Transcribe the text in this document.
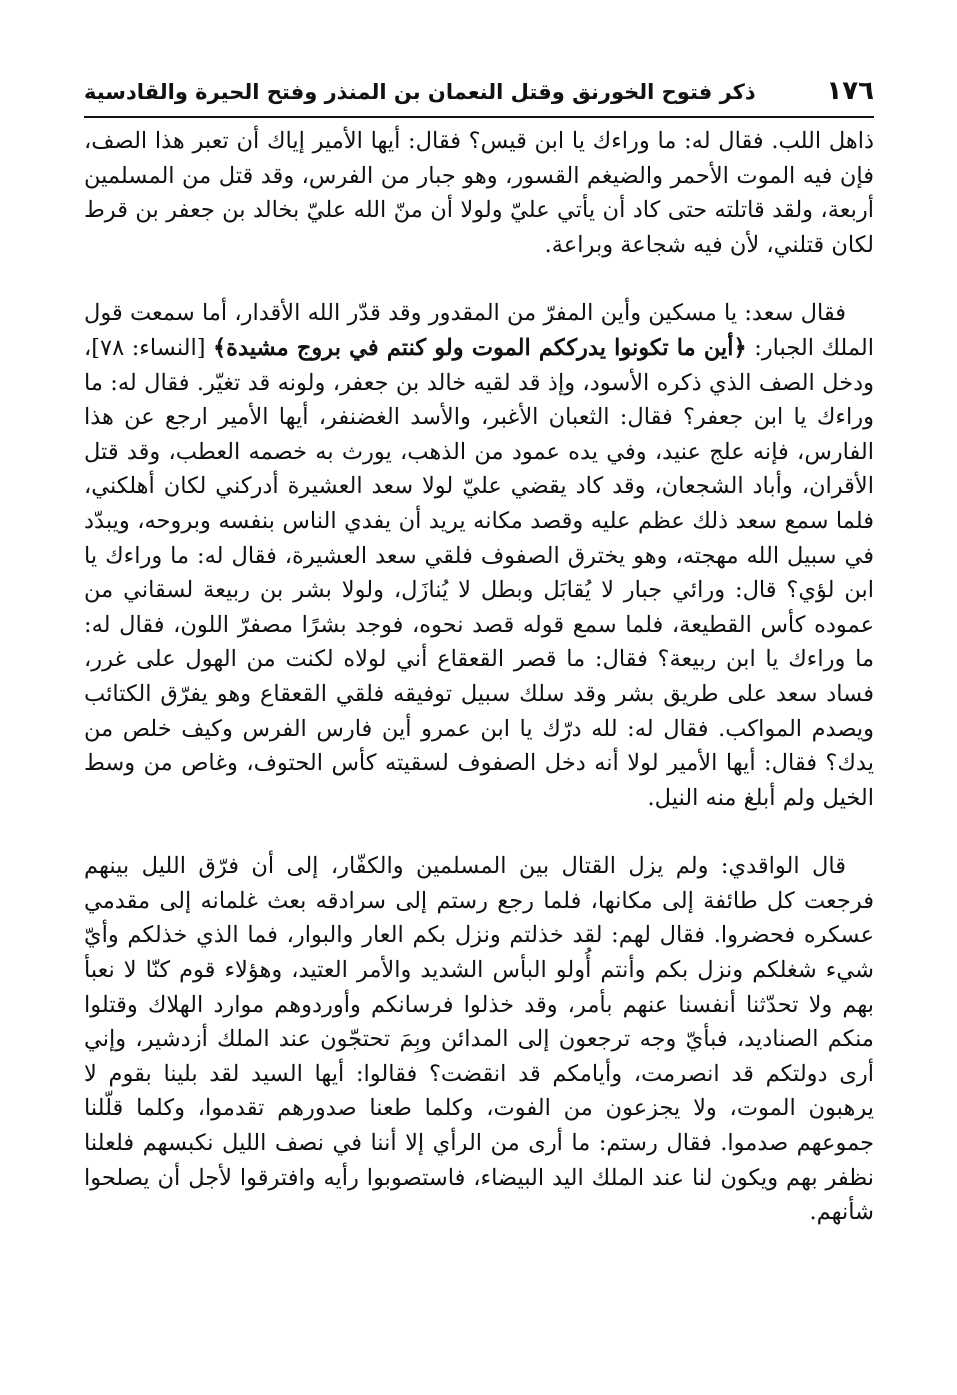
١٧٦
ذكر فتوح الخورنق وقتل النعمان بن المنذر وفتح الحيرة والقادسية

ذاهل اللب. فقال له: ما وراءك يا ابن قيس؟ فقال: أيها الأمير إياك أن تعبر هذا الصف، فإن فيه الموت الأحمر والضيغم القسور، وهو جبار من الفرس، وقد قتل من المسلمين أربعة، ولقد قاتلته حتى كاد أن يأتي عليّ ولولا أن منّ الله عليّ بخالد بن جعفر بن قرط لكان قتلني، لأن فيه شجاعة وبراعة.

فقال سعد: يا مسكين وأين المفرّ من المقدور وقد قدّر الله الأقدار، أما سمعت قول الملك الجبار: ﴿أين ما تكونوا يدرككم الموت ولو كنتم في بروج مشيدة﴾ [النساء: ٧٨]، ودخل الصف الذي ذكره الأسود، وإذ قد لقيه خالد بن جعفر، ولونه قد تغيّر. فقال له: ما وراءك يا ابن جعفر؟ فقال: الثعبان الأغبر، والأسد الغضنفر، أيها الأمير ارجع عن هذا الفارس، فإنه علج عنيد، وفي يده عمود من الذهب، يورث به خصمه العطب، وقد قتل الأقران، وأباد الشجعان، وقد كاد يقضي عليّ لولا سعد العشيرة أدركني لكان أهلكني، فلما سمع سعد ذلك عظم عليه وقصد مكانه يريد أن يفدي الناس بنفسه وبروحه، ويبدّد في سبيل الله مهجته، وهو يخترق الصفوف فلقي سعد العشيرة، فقال له: ما وراءك يا ابن لؤي؟ قال: ورائي جبار لا يُقابَل وبطل لا يُنازَل، ولولا بشر بن ربيعة لسقاني من عموده كأس القطيعة، فلما سمع قوله قصد نحوه، فوجد بشرًا مصفرّ اللون، فقال له: ما وراءك يا ابن ربيعة؟ فقال: ما قصر القعقاع أني لولاه لكنت من الهول على غرر، فساد سعد على طريق بشر وقد سلك سبيل توفيقه فلقي القعقاع وهو يفرّق الكتائب ويصدم المواكب. فقال له: لله درّك يا ابن عمرو أين فارس الفرس وكيف خلص من يدك؟ فقال: أيها الأمير لولا أنه دخل الصفوف لسقيته كأس الحتوف، وغاص من وسط الخيل ولم أبلغ منه النيل.

قال الواقدي: ولم يزل القتال بين المسلمين والكفّار، إلى أن فرّق الليل بينهم فرجعت كل طائفة إلى مكانها، فلما رجع رستم إلى سرادقه بعث غلمانه إلى مقدمي عسكره فحضروا. فقال لهم: لقد خذلتم ونزل بكم العار والبوار، فما الذي خذلكم وأيّ شيء شغلكم ونزل بكم وأنتم أُولو البأس الشديد والأمر العتيد، وهؤلاء قوم كنّا لا نعبأ بهم ولا تحدّثنا أنفسنا عنهم بأمر، وقد خذلوا فرسانكم وأوردوهم موارد الهلاك وقتلوا منكم الصناديد، فبأيّ وجه ترجعون إلى المدائن وبِمَ تحتجّون عند الملك أزدشير، وإني أرى دولتكم قد انصرمت، وأيامكم قد انقضت؟ فقالوا: أيها السيد لقد بلينا بقوم لا يرهبون الموت، ولا يجزعون من الفوت، وكلما طعنا صدورهم تقدموا، وكلما قلّلنا جموعهم صدموا. فقال رستم: ما أرى من الرأي إلا أننا في نصف الليل نكبسهم فلعلنا نظفر بهم ويكون لنا عند الملك اليد البيضاء، فاستصوبوا رأيه وافترقوا لأجل أن يصلحوا شأنهم.
